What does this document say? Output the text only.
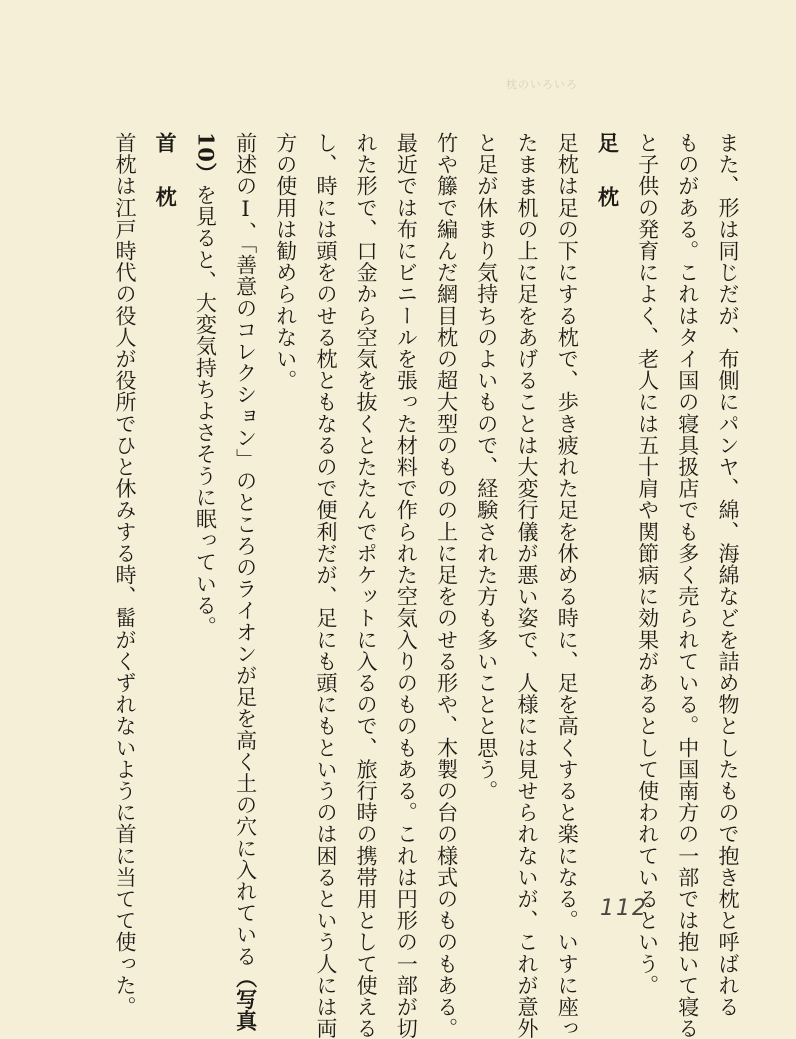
枕のいろいろ
また、形は同じだが、布側にパンヤ、綿、海綿などを詰め物としたもので抱き枕と呼ばれる
ものがある。これはタイ国の寝具扱店でも多く売られている。中国南方の一部では抱いて寝る
と子供の発育によく、老人には五十肩や関節病に効果があるとして使われているという。
足　枕
足枕は足の下にする枕で、歩き疲れた足を休める時に、足を高くすると楽になる。いすに座っ
たまま机の上に足をあげることは大変行儀が悪い姿で、人様には見せられないが、これが意外
と足が休まり気持ちのよいもので、経験された方も多いことと思う。
竹や籐で編んだ網目枕の超大型のものの上に足をのせる形や、木製の台の様式のものもある。
最近では布にビニールを張った材料で作られた空気入りのものもある。これは円形の一部が切
れた形で、口金から空気を抜くとたたんでポケットに入るので、旅行時の携帯用として使える
し、時には頭をのせる枕ともなるので便利だが、足にも頭にもというのは困るという人には両
方の使用は勧められない。
前述のⅠ、「善意のコレクション」のところのライオンが足を高く土の穴に入れている（写真
10）を見ると、大変気持ちよさそうに眠っている。
首　枕
首枕は江戸時代の役人が役所でひと休みする時、髷がくずれないように首に当てて使った。	112
